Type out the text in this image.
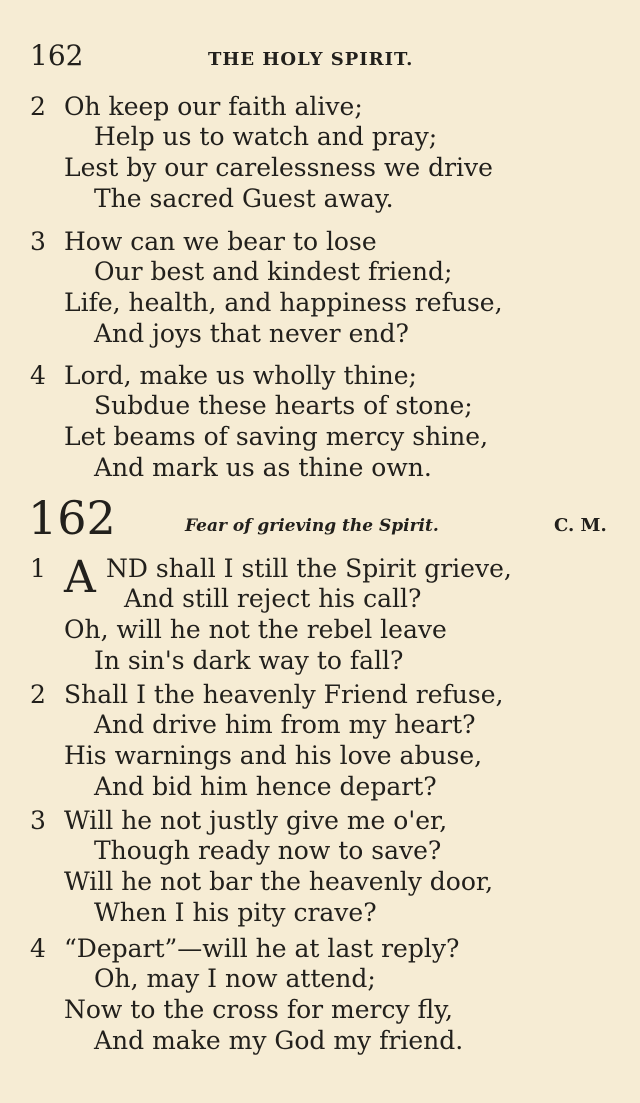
162	THE HOLY SPIRIT.
2 Oh keep our faith alive;
Help us to watch and pray;
Lest by our carelessness we drive
The sacred Guest away.
3 How can we bear to lose
Our best and kindest friend;
Life, health, and happiness refuse,
And joys that never end?
4 Lord, make us wholly thine;
Subdue these hearts of stone;
Let beams of saving mercy shine,
And mark us as thine own.
162	Fear of grieving the Spirit.	C. M.
1 A ND shall I still the Spirit grieve,
And still reject his call?
Oh, will he not the rebel leave
In sin's dark way to fall?
2 Shall I the heavenly Friend refuse,
And drive him from my heart?
His warnings and his love abuse,
And bid him hence depart?
3 Will he not justly give me o'er,
Though ready now to save?
Will he not bar the heavenly door,
When I his pity crave?
4 “Depart”—will he at last reply?
Oh, may I now attend;
Now to the cross for mercy fly,
And make my God my friend.
